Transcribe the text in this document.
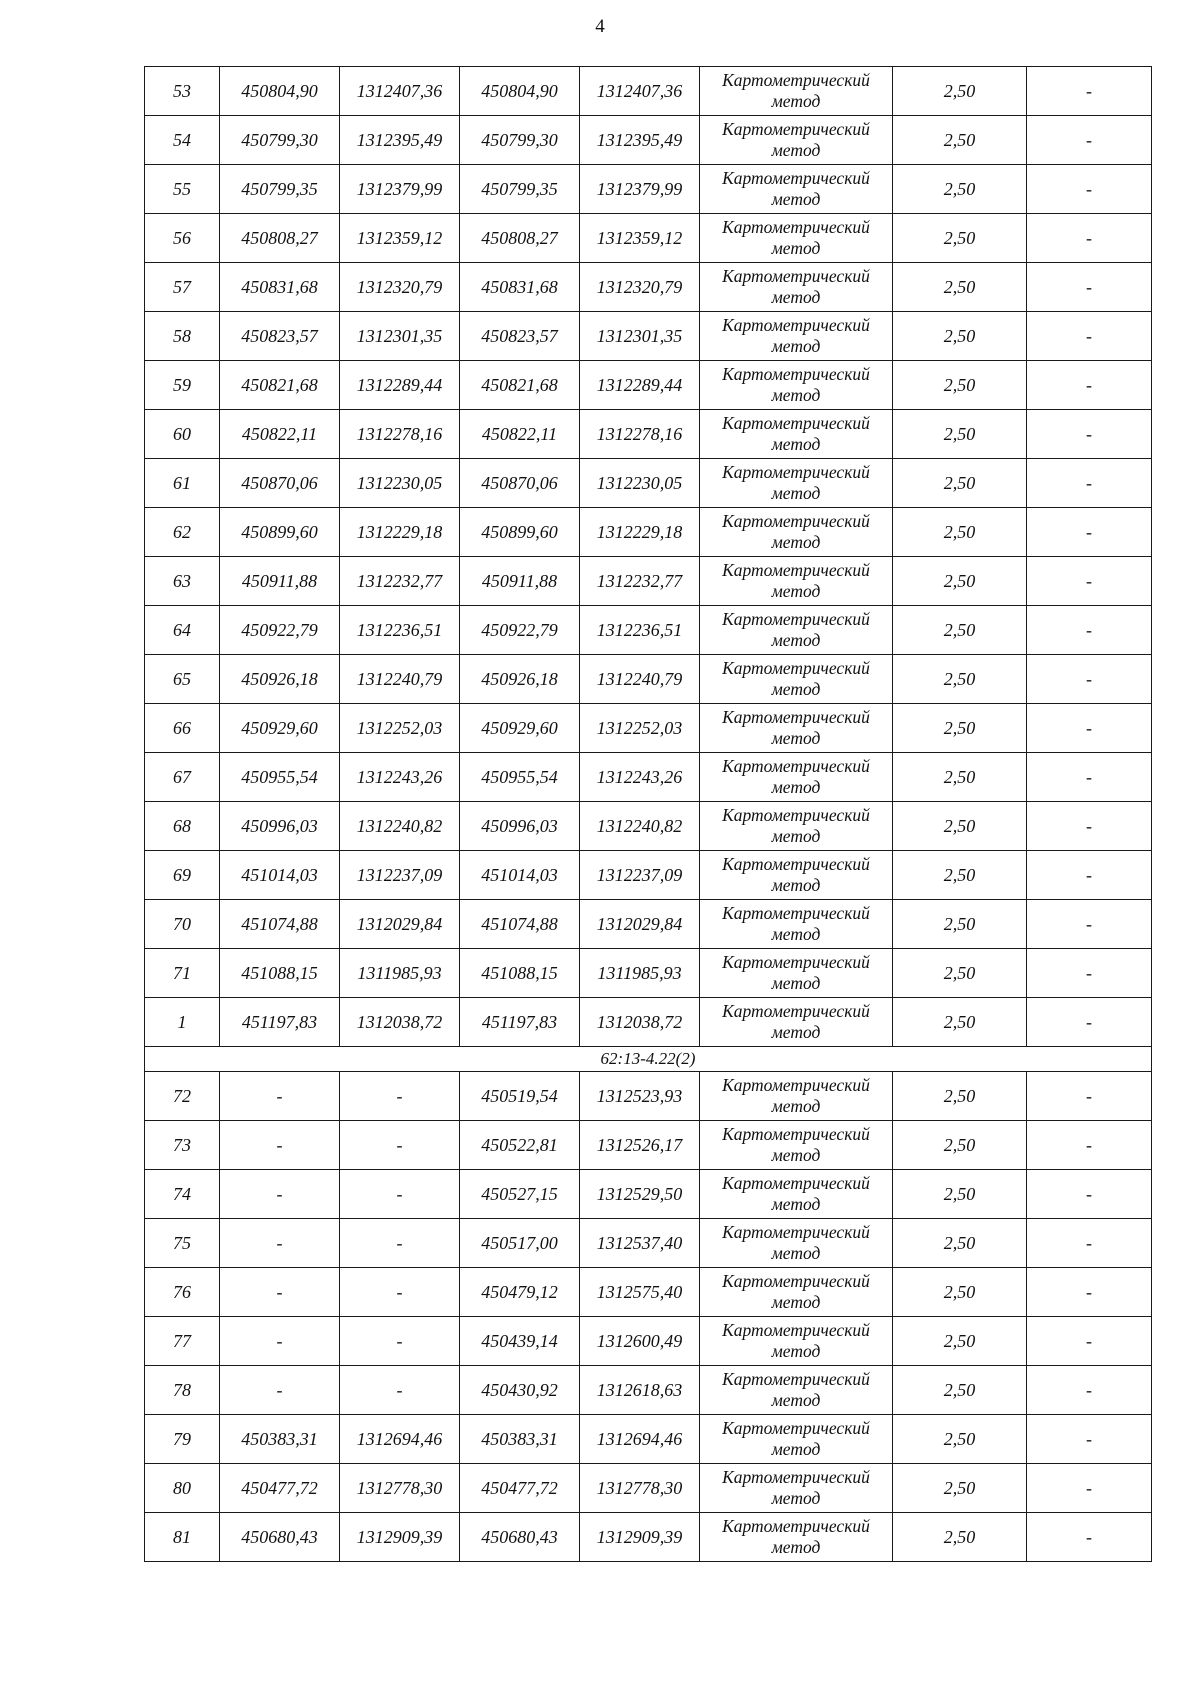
4
53	450804,90	1312407,36	450804,90	1312407,36	Картометрический
метод	2,50	-
54	450799,30	1312395,49	450799,30	1312395,49	Картометрический
метод	2,50	-
55	450799,35	1312379,99	450799,35	1312379,99	Картометрический
метод	2,50	-
56	450808,27	1312359,12	450808,27	1312359,12	Картометрический
метод	2,50	-
57	450831,68	1312320,79	450831,68	1312320,79	Картометрический
метод	2,50	-
58	450823,57	1312301,35	450823,57	1312301,35	Картометрический
метод	2,50	-
59	450821,68	1312289,44	450821,68	1312289,44	Картометрический
метод	2,50	-
60	450822,11	1312278,16	450822,11	1312278,16	Картометрический
метод	2,50	-
61	450870,06	1312230,05	450870,06	1312230,05	Картометрический
метод	2,50	-
62	450899,60	1312229,18	450899,60	1312229,18	Картометрический
метод	2,50	-
63	450911,88	1312232,77	450911,88	1312232,77	Картометрический
метод	2,50	-
64	450922,79	1312236,51	450922,79	1312236,51	Картометрический
метод	2,50	-
65	450926,18	1312240,79	450926,18	1312240,79	Картометрический
метод	2,50	-
66	450929,60	1312252,03	450929,60	1312252,03	Картометрический
метод	2,50	-
67	450955,54	1312243,26	450955,54	1312243,26	Картометрический
метод	2,50	-
68	450996,03	1312240,82	450996,03	1312240,82	Картометрический
метод	2,50	-
69	451014,03	1312237,09	451014,03	1312237,09	Картометрический
метод	2,50	-
70	451074,88	1312029,84	451074,88	1312029,84	Картометрический
метод	2,50	-
71	451088,15	1311985,93	451088,15	1311985,93	Картометрический
метод	2,50	-
1	451197,83	1312038,72	451197,83	1312038,72	Картометрический
метод	2,50	-
62:13-4.22(2)							
72	-	-	450519,54	1312523,93	Картометрический
метод	2,50	-
73	-	-	450522,81	1312526,17	Картометрический
метод	2,50	-
74	-	-	450527,15	1312529,50	Картометрический
метод	2,50	-
75	-	-	450517,00	1312537,40	Картометрический
метод	2,50	-
76	-	-	450479,12	1312575,40	Картометрический
метод	2,50	-
77	-	-	450439,14	1312600,49	Картометрический
метод	2,50	-
78	-	-	450430,92	1312618,63	Картометрический
метод	2,50	-
79	450383,31	1312694,46	450383,31	1312694,46	Картометрический
метод	2,50	-
80	450477,72	1312778,30	450477,72	1312778,30	Картометрический
метод	2,50	-
81	450680,43	1312909,39	450680,43	1312909,39	Картометрический
метод	2,50	-
